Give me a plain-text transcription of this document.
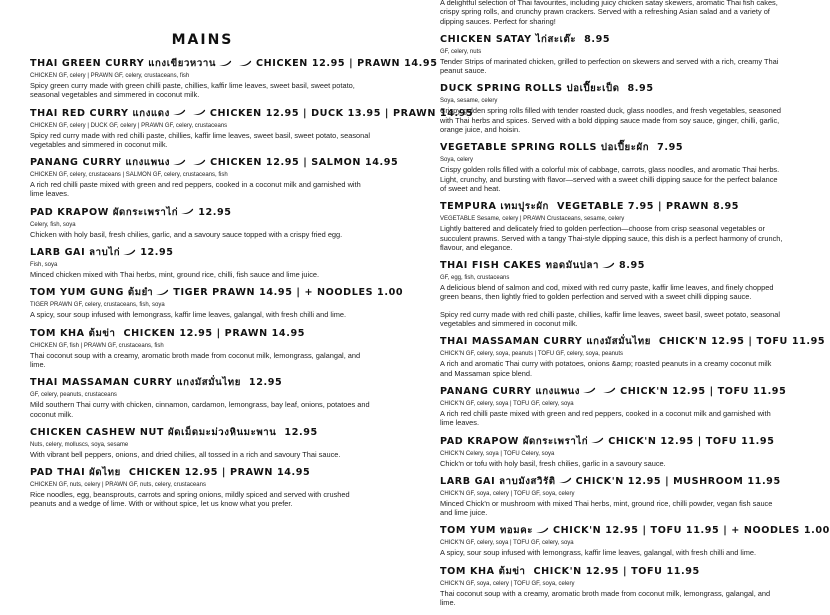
MAINS
THAI GREEN CURRY แกงเขียวหวาน	CHICKEN 12.95 | PRAWN 14.95
CHICKEN GF, celery | PRAWN GF, celery, crustaceans, fish
Spicy green curry made with green chilli paste, chillies, kaffir lime leaves, sweet basil, sweet potato, seasonal vegetables and simmered in coconut milk.
THAI RED CURRY แกงแดง	CHICKEN 12.95 | DUCK 13.95 | PRAWN 14.95
CHICKEN GF, celery | DUCK GF, celery | PRAWN GF, celery, crustaceans
Spicy red curry made with red chilli paste, chillies, kaffir lime leaves, sweet basil, sweet potato, seasonal vegetables and simmered in coconut milk.
PANANG CURRY แกงแพนง	CHICKEN 12.95 | SALMON 14.95
CHICKEN GF, celery, crustaceans | SALMON GF, celery, crustaceans, fish
A rich red chilli paste mixed with green and red peppers, cooked in a coconut milk and garnished with lime leaves.
PAD KRAPOW ผัดกระเพราไก่ 12.95
Celery, fish, soya
Chicken with holy basil, fresh chilies, garlic, and a savoury sauce topped with a crispy fried egg.
LARB GAI ลาบไก่ 12.95
Fish, soya
Minced chicken mixed with Thai herbs, mint, ground rice, chilli, fish sauce and lime juice.
TOM YUM GUNG ต้มยำ TIGER PRAWN 14.95 | + NOODLES 1.00
TIGER PRAWN GF, celery, crustaceans, fish, soya
A spicy, sour soup infused with lemongrass, kaffir lime leaves, galangal, with fresh chilli and lime.
TOM KHA ต้มข่า CHICKEN 12.95 | PRAWN 14.95
CHICKEN GF, fish | PRAWN GF, crustaceans, fish
Thai coconut soup with a creamy, aromatic broth made from coconut milk, lemongrass, galangal, and lime.
THAI MASSAMAN CURRY แกงมัสมั่นไทย 12.95
GF, celery, peanuts, crustaceans
Mild southern Thai curry with chicken, cinnamon, cardamon, lemongrass, bay leaf, onions, potatoes and coconut milk.
CHICKEN CASHEW NUT ผัดเม็ดมะม่วงหินมะพาน 12.95
Nuts, celery, molluscs, soya, sesame
With vibrant bell peppers, onions, and dried chilies, all tossed in a rich and savoury Thai sauce.
PAD THAI ผัดไทย CHICKEN 12.95 | PRAWN 14.95
CHICKEN GF, nuts, celery | PRAWN GF, nuts, celery, crustaceans
Rice noodles, egg, beansprouts, carrots and spring onions, mildly spiced and served with crushed peanuts and a wedge of lime. With or without spice, let us know what you prefer.
A delightful selection of Thai favourites, including juicy chicken satay skewers, aromatic Thai fish cakes, crispy spring rolls, and crunchy prawn crackers. Served with a refreshing Asian salad and a variety of dipping sauces. Perfect for sharing!
CHICKEN SATAY ไก่สะเต๊ะ 8.95
GF, celery, nuts
Tender Strips of marinated chicken, grilled to perfection on skewers and served with a rich, creamy Thai peanut sauce.
DUCK SPRING ROLLS ปอเปี๊ยะเป็ด 8.95
Soya, sesame, celery
Crispy golden spring rolls filled with tender roasted duck, glass noodles, and fresh vegetables, seasoned with Thai herbs and spices. Served with a bold dipping sauce made from soy sauce, ginger, chilli, garlic, orange juice, and hoisin.
VEGETABLE SPRING ROLLS ปอเปี๊ยะผัก 7.95
Soya, celery
Crispy golden rolls filled with a colorful mix of cabbage, carrots, glass noodles, and aromatic Thai herbs. Light, crunchy, and bursting with flavor—served with a sweet chilli dipping sauce for the perfect balance of sweet and heat.
TEMPURA เทมปุระผัก VEGETABLE 7.95 | PRAWN 8.95
VEGETABLE Sesame, celery | PRAWN Crustaceans, sesame, celery
Lightly battered and delicately fried to golden perfection—choose from crisp seasonal vegetables or succulent prawns. Served with a tangy Thai-style dipping sauce, this dish is a perfect harmony of crunch, flavour, and elegance.
THAI FISH CAKES ทอดมันปลา 8.95
GF, egg, fish, crustaceans
A delicious blend of salmon and cod, mixed with red curry paste, kaffir lime leaves, and finely chopped green beans, then lightly fried to golden perfection and served with a sweet chilli dipping sauce.
Spicy red curry made with red chilli paste, chillies, kaffir lime leaves, sweet basil, sweet potato, seasonal vegetables and simmered in coconut milk.
THAI MASSAMAN CURRY แกงมัสมั่นไทย CHICK'N 12.95 | TOFU 11.95
CHICK'N GF, celery, soya, peanuts | TOFU GF, celery, soya, peanuts
A rich and aromatic Thai curry with potatoes, onions &amp; roasted peanuts in a creamy coconut milk and Massaman spice blend.
PANANG CURRY แกงแพนง	CHICK'N 12.95 | TOFU 11.95
CHICK'N GF, celery, soya | TOFU GF, celery, soya
A rich red chilli paste mixed with green and red peppers, cooked in a coconut milk and garnished with lime leaves.
PAD KRAPOW ผัดกระเพราไก่ CHICK'N 12.95 | TOFU 11.95
CHICK'N Celery, soya | TOFU Celery, soya
Chick'n or tofu with holy basil, fresh chilies, garlic in a savoury sauce.
LARB GAI ลาบมังสวิรัติ CHICK'N 12.95 | MUSHROOM 11.95
CHICK'N GF, soya, celery | TOFU GF, soya, celery
Minced Chick'n or mushroom with mixed Thai herbs, mint, ground rice, chilli powder, vegan fish sauce and lime juice.
TOM YUM ทอมคะ CHICK'N 12.95 | TOFU 11.95 | + NOODLES 1.00
CHICK'N GF, celery, soya | TOFU GF, celery, soya
A spicy, sour soup infused with lemongrass, kaffir lime leaves, galangal, with fresh chilli and lime.
TOM KHA ต้มข่า CHICK'N 12.95 | TOFU 11.95
CHICK'N GF, soya, celery | TOFU GF, soya, celery
Thai coconut soup with a creamy, aromatic broth made from coconut milk, lemongrass, galangal, and lime.
